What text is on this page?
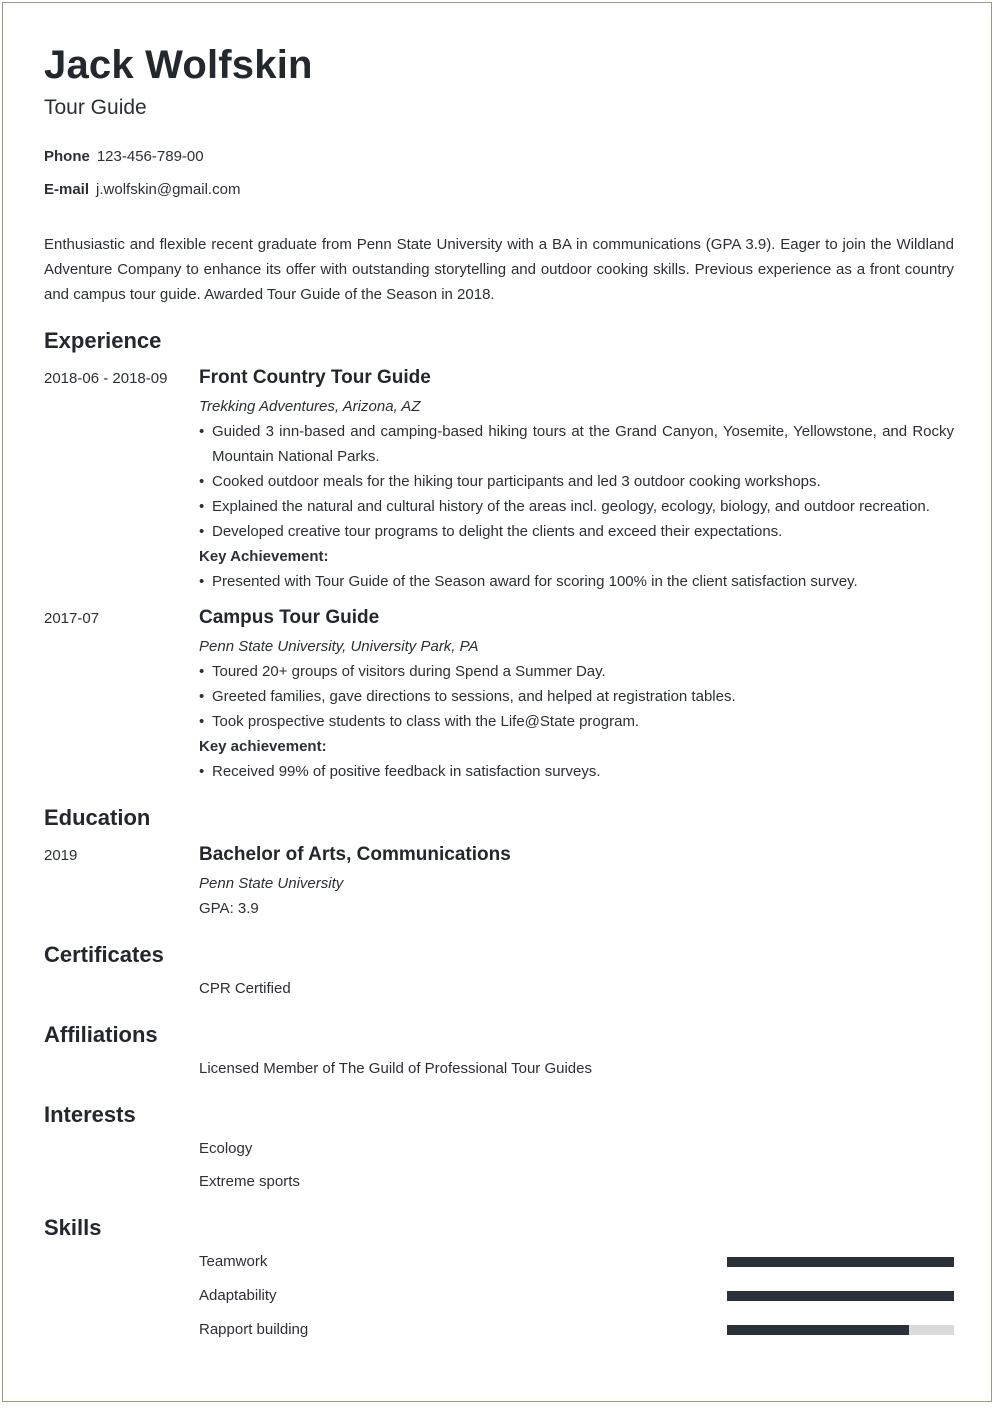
Jack Wolfskin
Tour Guide
Phone 123-456-789-00
E-mail j.wolfskin@gmail.com
Enthusiastic and flexible recent graduate from Penn State University with a BA in communications (GPA 3.9). Eager to join the Wildland Adventure Company to enhance its offer with outstanding storytelling and outdoor cooking skills. Previous experience as a front country and campus tour guide. Awarded Tour Guide of the Season in 2018.
Experience
2018-06 - 2018-09 Front Country Tour Guide
Trekking Adventures, Arizona, AZ
• Guided 3 inn-based and camping-based hiking tours at the Grand Canyon, Yosemite, Yellowstone, and Rocky Mountain National Parks.
• Cooked outdoor meals for the hiking tour participants and led 3 outdoor cooking workshops.
• Explained the natural and cultural history of the areas incl. geology, ecology, biology, and outdoor recreation.
• Developed creative tour programs to delight the clients and exceed their expectations.
Key Achievement:
• Presented with Tour Guide of the Season award for scoring 100% in the client satisfaction survey.
2017-07	Campus Tour Guide
Penn State University, University Park, PA
• Toured 20+ groups of visitors during Spend a Summer Day.
• Greeted families, gave directions to sessions, and helped at registration tables.
• Took prospective students to class with the Life@State program.
Key achievement:
• Received 99% of positive feedback in satisfaction surveys.
Education
2019	Bachelor of Arts, Communications
Penn State University
GPA: 3.9
Certificates
CPR Certified
Affiliations
Licensed Member of The Guild of Professional Tour Guides
Interests
Ecology
Extreme sports
Skills
Teamwork
Adaptability
Rapport building
